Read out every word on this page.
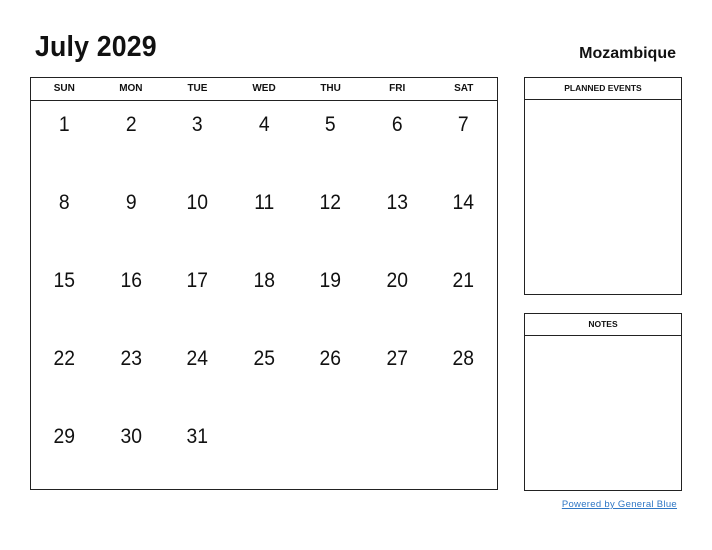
July 2029	Mozambique
SUN	MON	TUE	WED	THU	FRI	SAT
1	2	3	4	5	6	7
8	9	10	11	12	13	14
15	16	17	18	19	20	21
22	23	24	25	26	27	28
29	30	31
PLANNED EVENTS
NOTES
Powered by General Blue
